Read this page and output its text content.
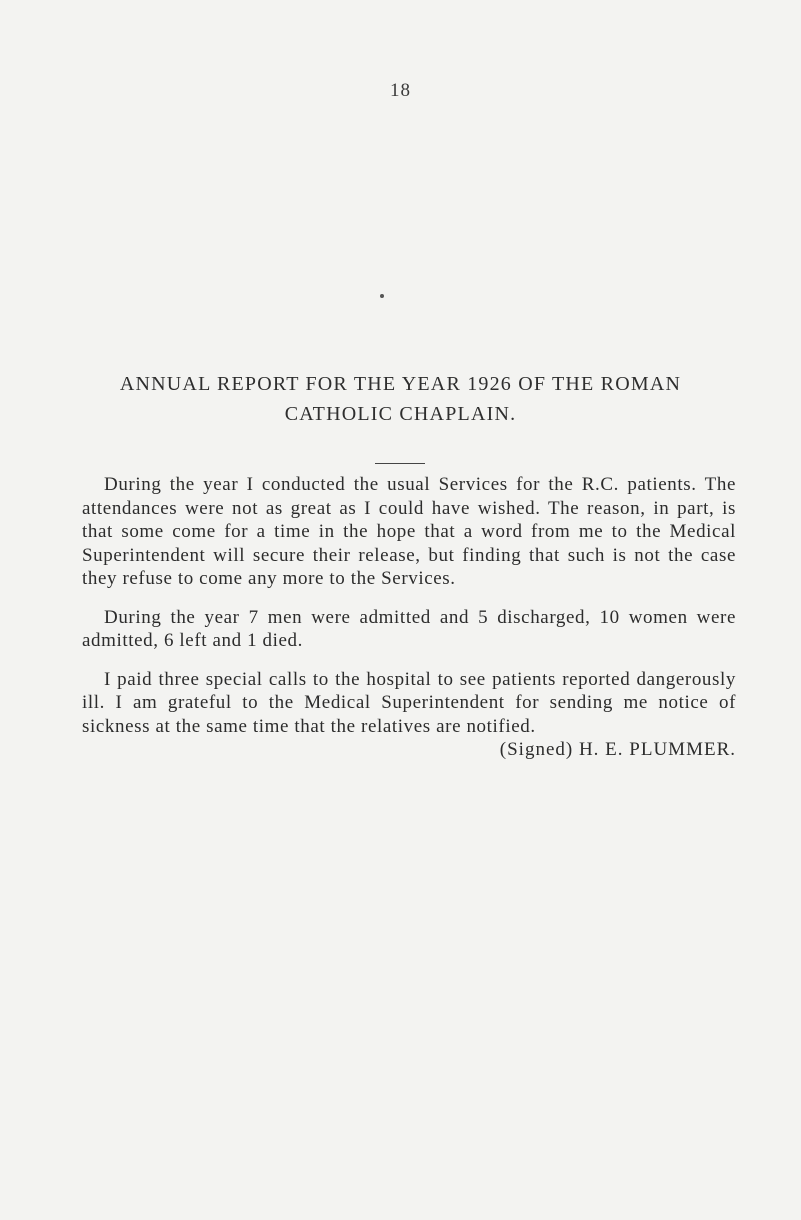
18
ANNUAL REPORT FOR THE YEAR 1926 OF THE ROMAN
CATHOLIC CHAPLAIN.

During the year I conducted the usual Services for the R.C. patients. The attendances were not as great as I could have wished. The reason, in part, is that some come for a time in the hope that a word from me to the Medical Superintendent will secure their release, but finding that such is not the case they refuse to come any more to the Services.

During the year 7 men were admitted and 5 discharged, 10 women were admitted, 6 left and 1 died.

I paid three special calls to the hospital to see patients reported dangerously ill. I am grateful to the Medical Superintendent for sending me notice of sickness at the same time that the relatives are notified.

(Signed) H. E. PLUMMER.
